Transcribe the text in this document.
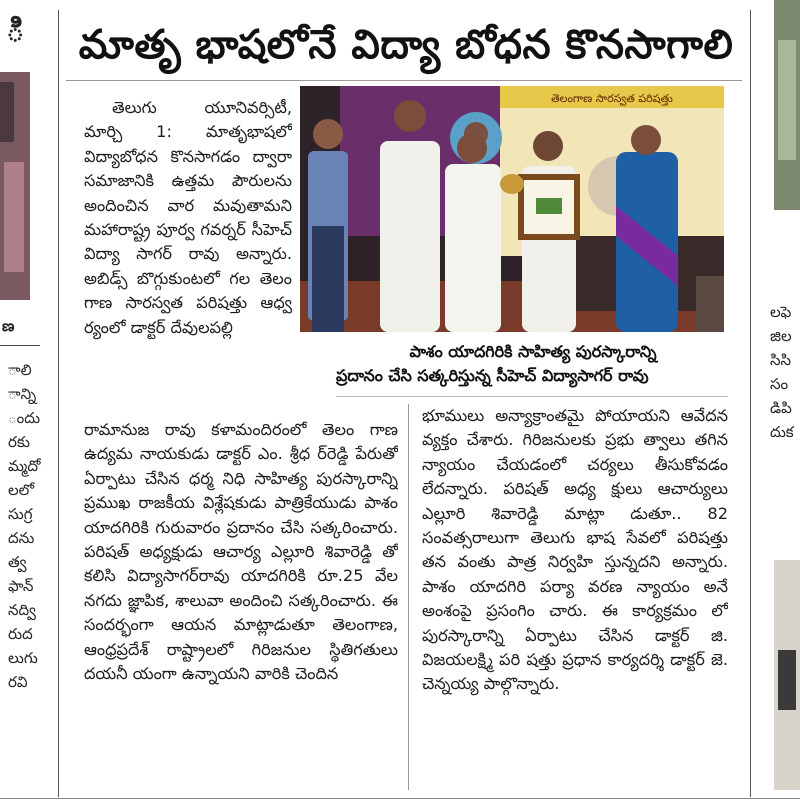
ి
ణ
ాలి
ాన్ని
ందు
రకు
మ్మదో
లలో
సుగ్ర
దను
త్వ
ఫాన్
నద్వి
రుద
లుగు
రవి
మాతృ భాషలోనే విద్యా బోధన కొనసాగాలి
తెలంగాణ సారస్వత పరిషత్తు
పాశం యాదగిరికి సాహిత్య పురస్కారాన్ని
ప్రదానం చేసి సత్కరిస్తున్న సీహెచ్ విద్యాసాగర్ రావు

తెలుగు యూనివర్సిటీ, మార్చి 1: మాతృభాషలో విద్యాబోధన కొనసాగడం ద్వారా సమాజానికి ఉత్తమ పౌరులను అందించిన వార మవుతామని మహారాష్ట్ర పూర్వ గవర్నర్ సీహెచ్ విద్యా సాగర్ రావు అన్నారు. అబిడ్స్ బొగ్గుకుంటలో గల తెలం గాణ సారస్వత పరిషత్తు ఆధ్వ ర్యంలో డాక్టర్ దేవులపల్లి

రామానుజ రావు కళామందిరంలో తెలం గాణ ఉద్యమ నాయకుడు డాక్టర్ ఎం. శ్రీధ ర్‌రెడ్డి పేరుతో ఏర్పాటు చేసిన ధర్మ నిధి సాహిత్య పురస్కారాన్ని ప్రముఖ రాజకీయ విశ్లేషకుడు పాత్రికేయుడు పాశం యాదగిరికి గురువారం ప్రదానం చేసి సత్కరించారు. పరిషత్ అధ్యక్షుడు ఆచార్య ఎల్లూరి శివారెడ్డి తో కలిసి విద్యాసాగర్‌రావు యాదగిరికి రూ.25 వేల నగదు జ్ఞాపిక, శాలువా అందించి సత్కరించారు. ఈ సందర్భంగా ఆయన మాట్లాడుతూ తెలంగాణ, ఆంధ్రప్రదేశ్ రాష్ట్రాలలో గిరిజనుల స్థితిగతులు దయనీ యంగా ఉన్నాయని వారికి చెందిన

భూములు అన్యాక్రాంతమై పోయాయని ఆవేదన వ్యక్తం చేశారు. గిరిజనులకు ప్రభు త్వాలు తగిన న్యాయం చేయడంలో చర్యలు తీసుకోవడం లేదన్నారు. పరిషత్ అధ్య క్షులు ఆచార్యులు ఎల్లూరి శివారెడ్డి మాట్లా డుతూ.. 82 సంవత్సరాలుగా తెలుగు భాష సేవలో పరిషత్తు తన వంతు పాత్ర నిర్వహి స్తున్నదని అన్నారు. పాశం యాదగిరి పర్యా వరణ న్యాయం అనే అంశంపై ప్రసంగిం చారు. ఈ కార్యక్రమం లో పురస్కారాన్ని ఏర్పాటు చేసిన డాక్టర్ జి. విజయలక్ష్మి పరి షత్తు ప్రధాన కార్యదర్శి డాక్టర్ జె. చెన్నయ్య పాల్గొన్నారు.

లఫె
జిల
సిసి
సం
డిపి
దుక
